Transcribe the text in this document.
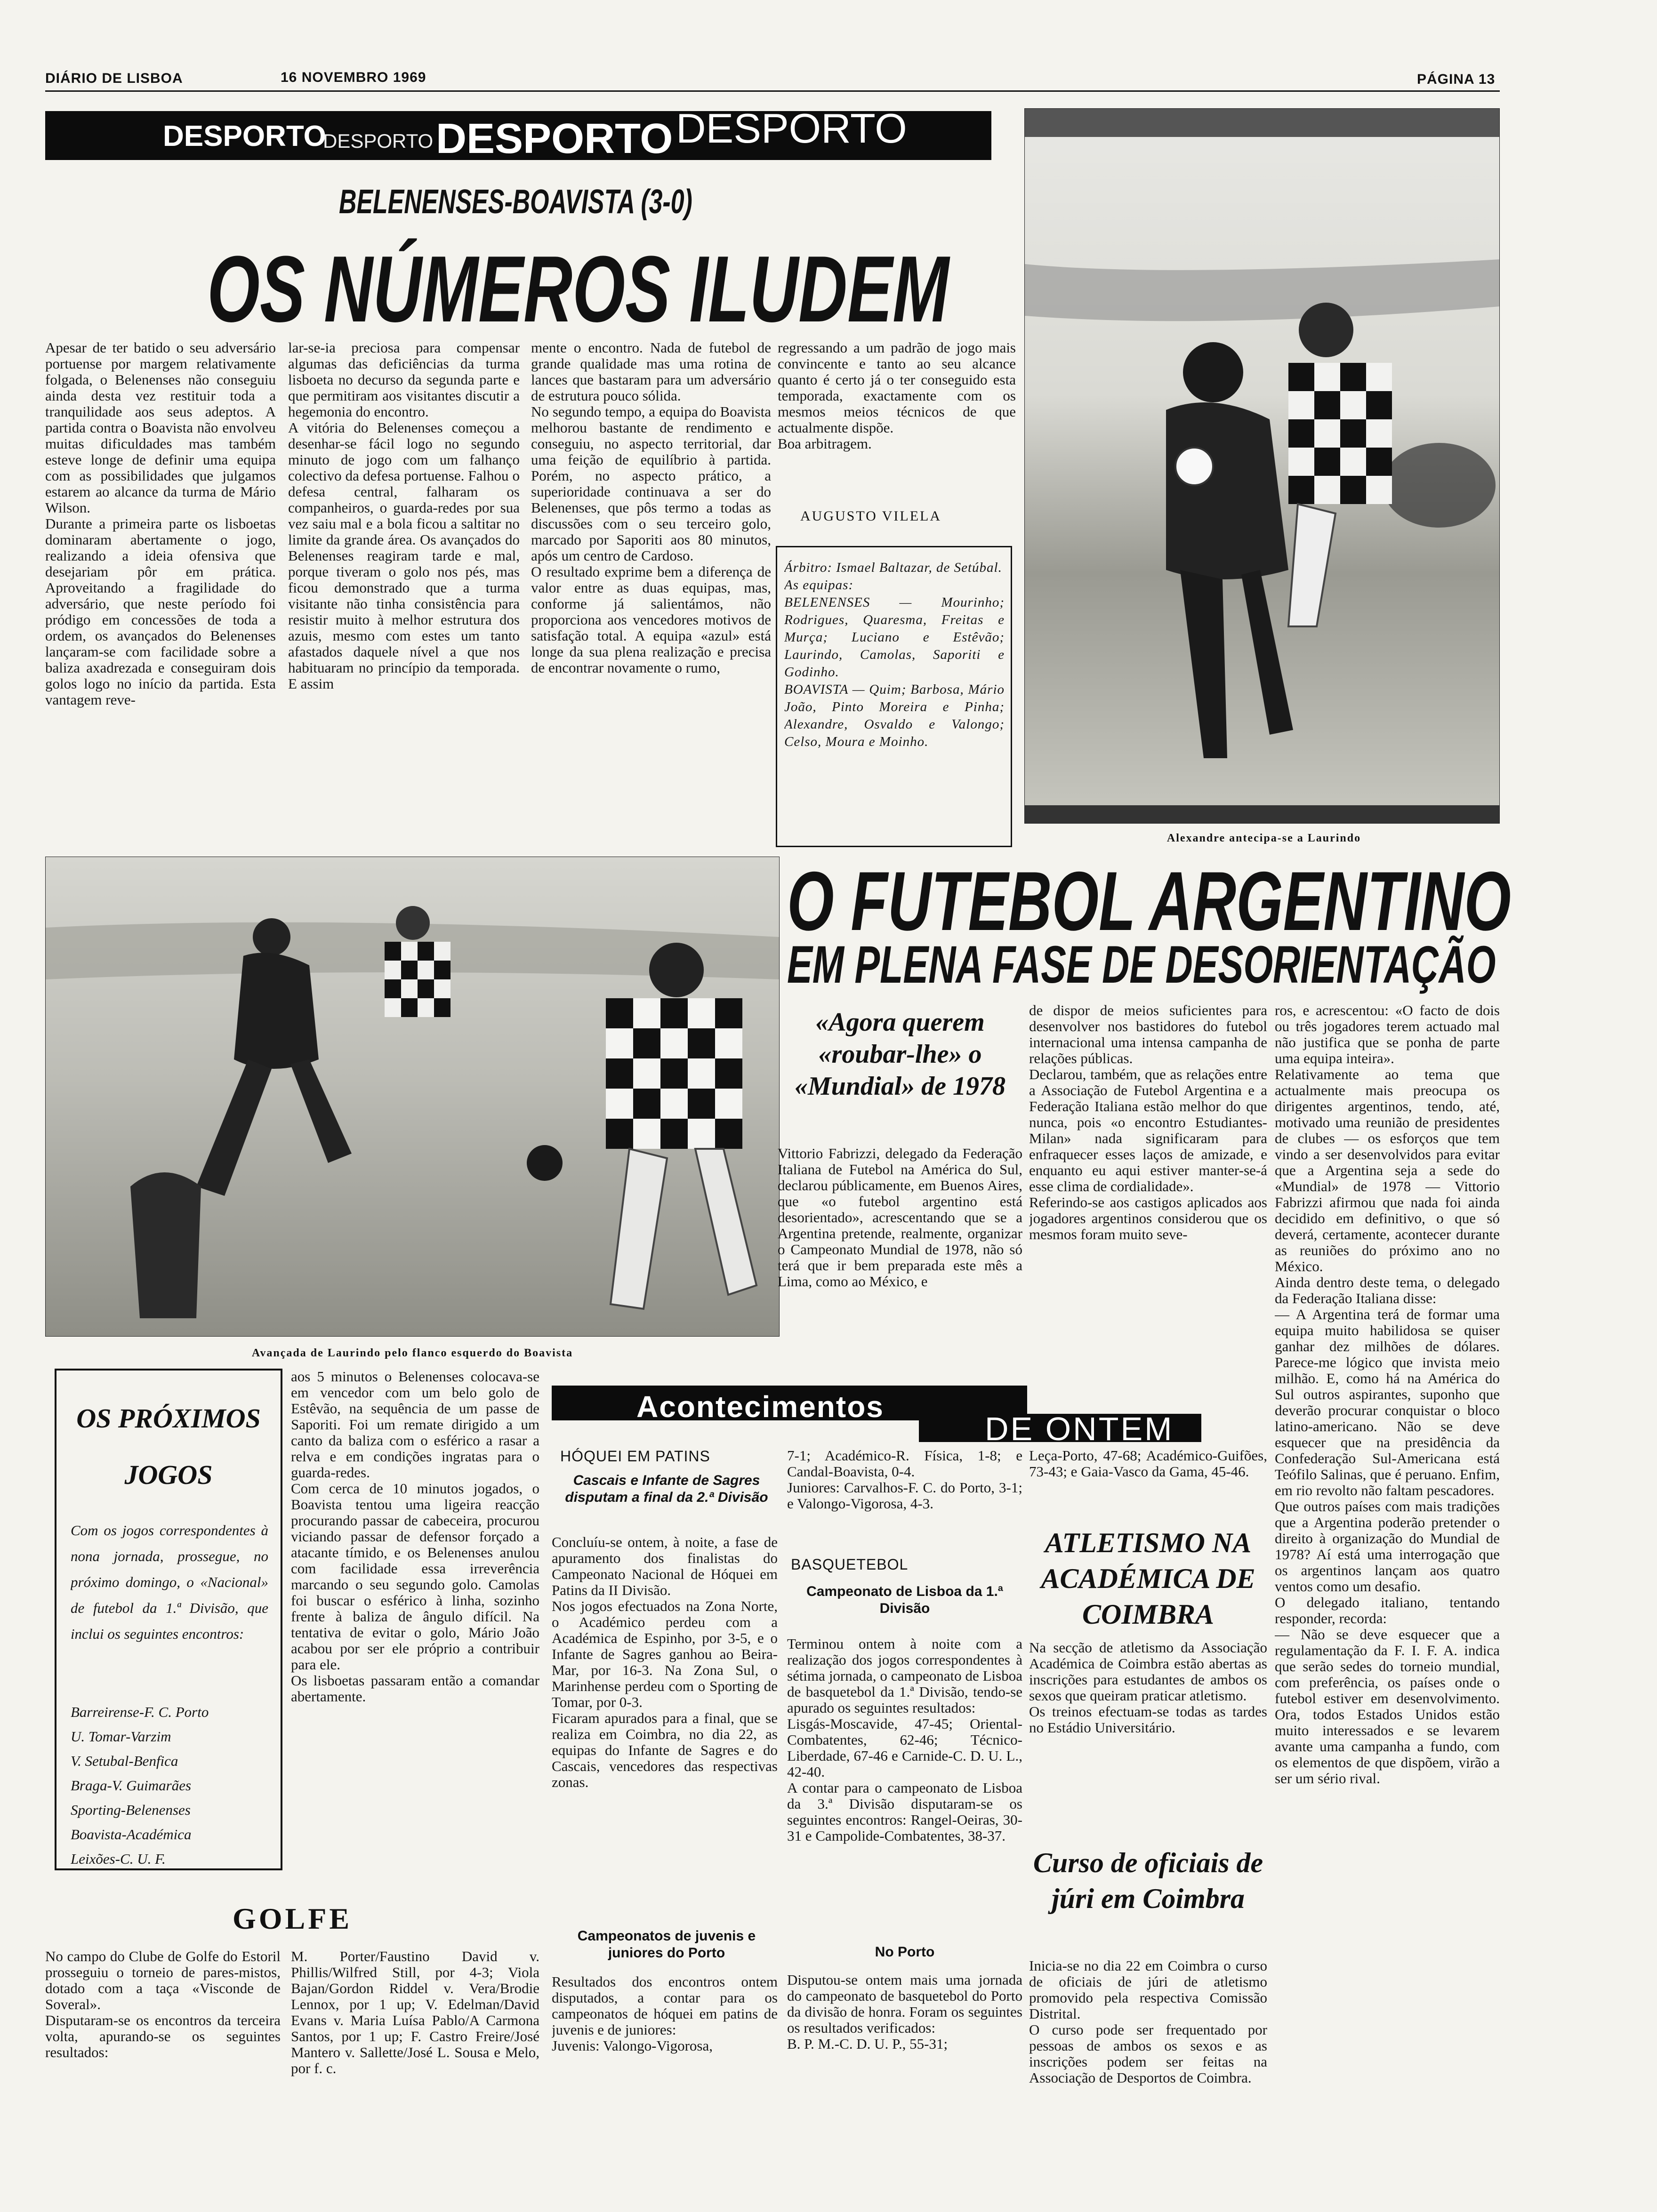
DIÁRIO DE LISBOA	16 NOVEMBRO 1969	PÁGINA 13
DESPORTO
DESPORTO DESPORTO DESPORTO
BELENENSES-BOAVISTA (3-0)
OS NÚMEROS ILUDEM
Apesar de ter batido o seu adversário portuense por margem relativamente folgada, o Belenenses não conseguiu ainda desta vez restituir toda a tranquilidade aos seus adeptos. A partida contra o Boavista não envolveu muitas dificuldades mas também esteve longe de definir uma equipa com as possibilidades que julgamos estarem ao alcance da turma de Mário Wilson.
Durante a primeira parte os lisboetas dominaram abertamente o jogo, realizando a ideia ofensiva que desejariam pôr em prática. Aproveitando a fragilidade do adversário, que neste período foi pródigo em concessões de toda a ordem, os avançados do Belenenses lançaram-se com facilidade sobre a baliza axadrezada e conseguiram dois golos logo no início da partida. Esta vantagem reve-
lar-se-ia preciosa para compensar algumas das deficiências da turma lisboeta no decurso da segunda parte e que permitiram aos visitantes discutir a hegemonia do encontro.
A vitória do Belenenses começou a desenhar-se fácil logo no segundo minuto de jogo com um falhanço colectivo da defesa portuense. Falhou o defesa central, falharam os companheiros, o guarda-redes por sua vez saiu mal e a bola ficou a saltitar no limite da grande área. Os avançados do Belenenses reagiram tarde e mal, porque tiveram o golo nos pés, mas ficou demonstrado que a turma visitante não tinha consistência para resistir muito à melhor estrutura dos azuis, mesmo com estes um tanto afastados daquele nível a que nos habituaram no princípio da temporada. E assim
mente o encontro. Nada de futebol de grande qualidade mas uma rotina de lances que bastaram para um adversário de estrutura pouco sólida.
No segundo tempo, a equipa do Boavista melhorou bastante de rendimento e conseguiu, no aspecto territorial, dar uma feição de equilíbrio à partida. Porém, no aspecto prático, a superioridade continuava a ser do Belenenses, que pôs termo a todas as discussões com o seu terceiro golo, marcado por Saporiti aos 80 minutos, após um centro de Cardoso.
O resultado exprime bem a diferença de valor entre as duas equipas, mas, conforme já salientámos, não proporciona aos vencedores motivos de satisfação total. A equipa «azul» está longe da sua plena realização e precisa de encontrar novamente o rumo,
regressando a um padrão de jogo mais convincente e tanto ao seu alcance quanto é certo já o ter conseguido esta temporada, exactamente com os mesmos meios técnicos de que actualmente dispõe.
Boa arbitragem.
AUGUSTO VILELA
Árbitro: Ismael Baltazar, de Setúbal.
As equipas:
BELENENSES — Mourinho; Rodrigues, Quaresma, Freitas e Murça; Luciano e Estêvão; Laurindo, Camolas, Saporiti e Godinho.
BOAVISTA — Quim; Barbosa, Mário João, Pinto Moreira e Pinha; Alexandre, Osvaldo e Valongo; Celso, Moura e Moinho.
Alexandre antecipa-se a Laurindo
Avançada de Laurindo pelo flanco esquerdo do Boavista
O FUTEBOL ARGENTINO
EM PLENA FASE DE DESORIENTAÇÃO
«Agora querem «roubar-lhe» o «Mundial» de 1978
Vittorio Fabrizzi, delegado da Federação Italiana de Futebol na América do Sul, declarou públicamente, em Buenos Aires, que «o futebol argentino está desorientado», acrescentando que se a Argentina pretende, realmente, organizar o Campeonato Mundial de 1978, não só terá que ir bem preparada este mês a Lima, como ao México, e
de dispor de meios suficientes para desenvolver nos bastidores do futebol internacional uma intensa campanha de relações públicas.
Declarou, também, que as relações entre a Associação de Futebol Argentina e a Federação Italiana estão melhor do que nunca, pois «o encontro Estudiantes-Milan» nada significaram para enfraquecer esses laços de amizade, e enquanto eu aqui estiver manter-se-á esse clima de cordialidade».
Referindo-se aos castigos aplicados aos jogadores argentinos considerou que os mesmos foram muito seve-
ros, e acrescentou: «O facto de dois ou três jogadores terem actuado mal não justifica que se ponha de parte uma equipa inteira».
Relativamente ao tema que actualmente mais preocupa os dirigentes argentinos, tendo, até, motivado uma reunião de presidentes de clubes — os esforços que tem vindo a ser desenvolvidos para evitar que a Argentina seja a sede do «Mundial» de 1978 — Vittorio Fabrizzi afirmou que nada foi ainda decidido em definitivo, o que só deverá, certamente, acontecer durante as reuniões do próximo ano no México.
Ainda dentro deste tema, o delegado da Federação Italiana disse:
— A Argentina terá de formar uma equipa muito habilidosa se quiser ganhar dez milhões de dólares. Parece-me lógico que invista meio milhão. E, como há na América do Sul outros aspirantes, suponho que deverão procurar conquistar o bloco latino-americano. Não se deve esquecer que na presidência da Confederação Sul-Americana está Teófilo Salinas, que é peruano. Enfim, em rio revolto não faltam pescadores.
Que outros países com mais tradições que a Argentina poderão pretender o direito à organização do Mundial de 1978? Aí está uma interrogação que os argentinos lançam aos quatro ventos como um desafio.
O delegado italiano, tentando responder, recorda:
— Não se deve esquecer que a regulamentação da F. I. F. A. indica que serão sedes do torneio mundial, com preferência, os países onde o futebol estiver em desenvolvimento. Ora, todos Estados Unidos estão muito interessados e se levarem avante uma campanha a fundo, com os elementos de que dispõem, virão a ser um sério rival.
OS PRÓXIMOS
JOGOS
Com os jogos correspondentes à nona jornada, prossegue, no próximo domingo, o «Nacional» de futebol da 1.ª Divisão, que inclui os seguintes encontros:
Barreirense-F. C. Porto
U. Tomar-Varzim
V. Setubal-Benfica
Braga-V. Guimarães
Sporting-Belenenses
Boavista-Académica
Leixões-C. U. F.
aos 5 minutos o Belenenses colocava-se em vencedor com um belo golo de Estêvão, na sequência de um passe de Saporiti. Foi um remate dirigido a um canto da baliza com o esférico a rasar a relva e em condições ingratas para o guarda-redes.
Com cerca de 10 minutos jogados, o Boavista tentou uma ligeira reacção procurando passar de cabeceira, procurou viciando passar de defensor forçado a atacante tímido, e os Belenenses anulou com facilidade essa irreverência marcando o seu segundo golo. Camolas foi buscar o esférico à linha, sozinho frente à baliza de ângulo difícil. Na tentativa de evitar o golo, Mário João acabou por ser ele próprio a contribuir para ele.
Os lisboetas passaram então a comandar abertamente.
GOLFE
No campo do Clube de Golfe do Estoril prosseguiu o torneio de pares-mistos, dotado com a taça «Visconde de Soveral».
Disputaram-se os encontros da terceira volta, apurando-se os seguintes resultados:
M. Porter/Faustino David v. Phillis/Wilfred Still, por 4-3; Viola Bajan/Gordon Riddel v. Vera/Brodie Lennox, por 1 up; V. Edelman/David Evans v. Maria Luísa Pablo/A Carmona Santos, por 1 up; F. Castro Freire/José Mantero v. Sallette/José L. Sousa e Melo, por f. c.
Acontecimentos
DE ONTEM
HÓQUEI EM PATINS
Cascais e Infante de Sagres disputam a final da 2.ª Divisão
Concluíu-se ontem, à noite, a fase de apuramento dos finalistas do Campeonato Nacional de Hóquei em Patins da II Divisão.
Nos jogos efectuados na Zona Norte, o Académico perdeu com a Académica de Espinho, por 3-5, e o Infante de Sagres ganhou ao Beira-Mar, por 16-3. Na Zona Sul, o Marinhense perdeu com o Sporting de Tomar, por 0-3.
Ficaram apurados para a final, que se realiza em Coimbra, no dia 22, as equipas do Infante de Sagres e do Cascais, vencedores das respectivas zonas.
Campeonatos de juvenis e juniores do Porto
Resultados dos encontros ontem disputados, a contar para os campeonatos de hóquei em patins de juvenis e de juniores:
Juvenis: Valongo-Vigorosa,
7-1; Académico-R. Física, 1-8; e Candal-Boavista, 0-4.
Juniores: Carvalhos-F. C. do Porto, 3-1; e Valongo-Vigorosa, 4-3.
BASQUETEBOL
Campeonato de Lisboa da 1.ª Divisão
Terminou ontem à noite com a realização dos jogos correspondentes à sétima jornada, o campeonato de Lisboa de basquetebol da 1.ª Divisão, tendo-se apurado os seguintes resultados:
Lisgás-Moscavide, 47-45; Oriental-Combatentes, 62-46; Técnico-Liberdade, 67-46 e Carnide-C. D. U. L., 42-40.
A contar para o campeonato de Lisboa da 3.ª Divisão disputaram-se os seguintes encontros: Rangel-Oeiras, 30-31 e Campolide-Combatentes, 38-37.
No Porto
Disputou-se ontem mais uma jornada do campeonato de basquetebol do Porto da divisão de honra. Foram os seguintes os resultados verificados:
B. P. M.-C. D. U. P., 55-31;
Leça-Porto, 47-68; Académico-Guifões, 73-43; e Gaia-Vasco da Gama, 45-46.
ATLETISMO NA ACADÉMICA DE COIMBRA
Na secção de atletismo da Associação Académica de Coimbra estão abertas as inscrições para estudantes de ambos os sexos que queiram praticar atletismo.
Os treinos efectuam-se todas as tardes no Estádio Universitário.
Curso de oficiais de júri em Coimbra
Inicia-se no dia 22 em Coimbra o curso de oficiais de júri de atletismo promovido pela respectiva Comissão Distrital.
O curso pode ser frequentado por pessoas de ambos os sexos e as inscrições podem ser feitas na Associação de Desportos de Coimbra.
